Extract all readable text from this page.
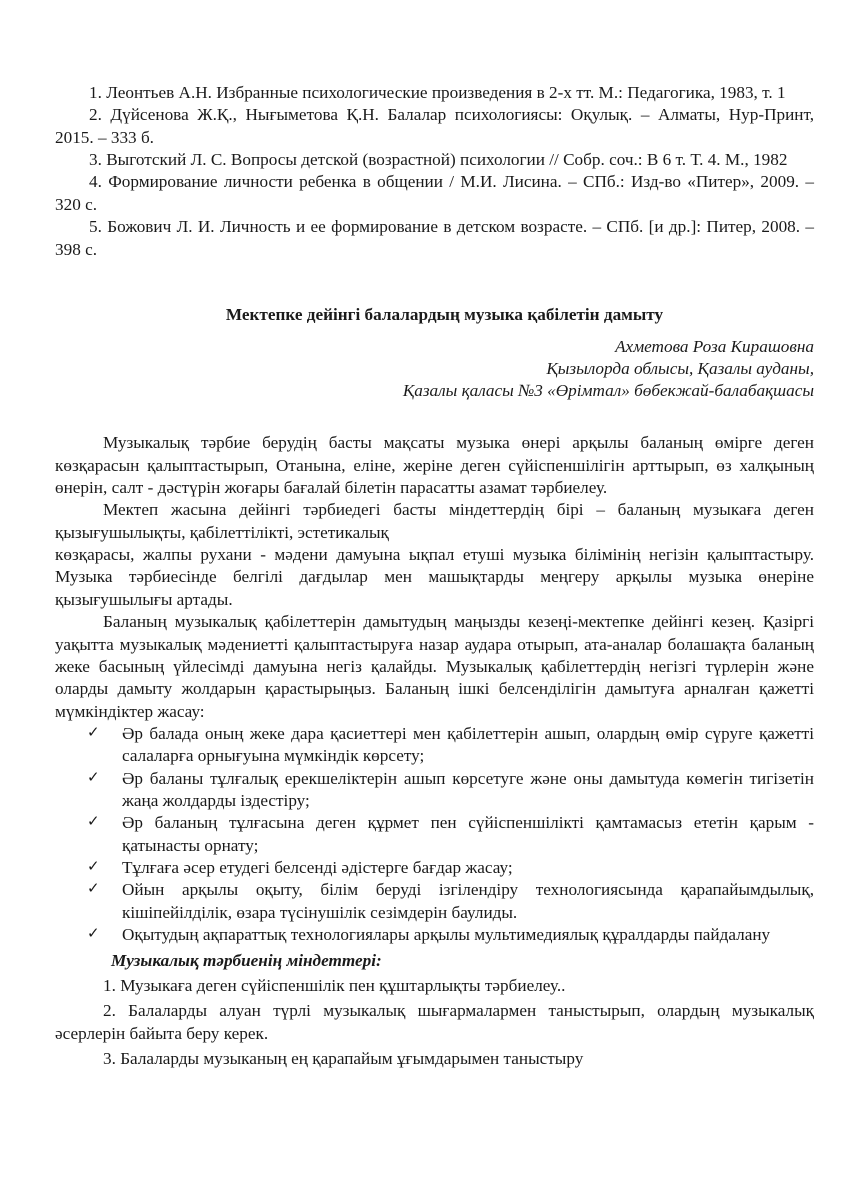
1. Леонтьев А.Н. Избранные психологические произведения в 2-х тт. М.: Педагогика, 1983, т. 1

2. Дүйсенова Ж.Қ., Нығыметова Қ.Н. Балалар психологиясы: Оқулық. – Алматы, Нур-Принт, 2015. – 333 б.

3. Выготский Л. С. Вопросы детской (возрастной) психологии // Собр. соч.: В 6 т. Т. 4. М., 1982

4. Формирование личности ребенка в общении / М.И. Лисина. – СПб.: Изд-во «Питер», 2009. – 320 с.

5. Божович Л. И. Личность и ее формирование в детском возрасте. – СПб. [и др.]: Питер, 2008. – 398 с.

Мектепке дейінгі балалардың музыка қабілетін дамыту
Ахметова Роза Кирашовна
Қызылорда облысы, Қазалы ауданы,
Қазалы қаласы №3 «Өрімтал» бөбекжай-балабақшасы

Музыкалық тәрбие берудің басты мақсаты музыка өнері арқылы баланың өмірге деген көзқарасын қалыптастырып, Отанына, еліне, жеріне деген сүйіспеншілігін арттырып, өз халқының өнерін, салт - дәстүрін жоғары бағалай білетін парасатты азамат тәрбиелеу.

Мектеп жасына дейінгі тәрбиедегі басты міндеттердің бірі – баланың музыкаға деген қызығушылықты, қабілеттілікті, эстетикалық

көзқарасы, жалпы рухани - мәдени дамуына ықпал етуші музыка білімінің негізін қалыптастыру. Музыка тәрбиесінде белгілі дағдылар мен машықтарды меңгеру арқылы музыка өнеріне қызығушылығы артады.

Баланың музыкалық қабілеттерін дамытудың маңызды кезеңі-мектепке дейінгі кезең. Қазіргі уақытта музыкалық мәдениетті қалыптастыруға назар аудара отырып, ата-аналар болашақта баланың жеке басының үйлесімді дамуына негіз қалайды. Музыкалық қабілеттердің негізгі түрлерін және оларды дамыту жолдарын қарастырыңыз. Баланың ішкі белсенділігін дамытуға арналған қажетті мүмкіндіктер жасау:

✓ Әр балада оның жеке дара қасиеттері мен қабілеттерін ашып, олардың өмір сүруге қажетті салаларға орнығуына мүмкіндік көрсету;
✓ Әр баланы тұлғалық ерекшеліктерін ашып көрсетуге және оны дамытуда көмегін тигізетін жаңа жолдарды іздестіру;
✓ Әр баланың тұлғасына деген құрмет пен сүйіспеншілікті қамтамасыз ететін қарым - қатынасты орнату;
✓ Тұлғаға әсер етудегі белсенді әдістерге бағдар жасау;
✓ Ойын арқылы оқыту, білім беруді ізгілендіру технологиясында қарапайымдылық, кішіпейілділік, өзара түсінушілік сезімдерін баулиды.
✓ Оқытудың ақпараттық технологиялары арқылы мультимедиялық құралдарды пайдалану

Музыкалық тәрбиенің міндеттері:

1. Музыкаға деген сүйіспеншілік пен құштарлықты тәрбиелеу..

2. Балаларды алуан түрлі музыкалық шығармалармен таныстырып, олардың музыкалық әсерлерін байыта беру керек.

3. Балаларды музыканың ең қарапайым ұғымдарымен таныстыру
